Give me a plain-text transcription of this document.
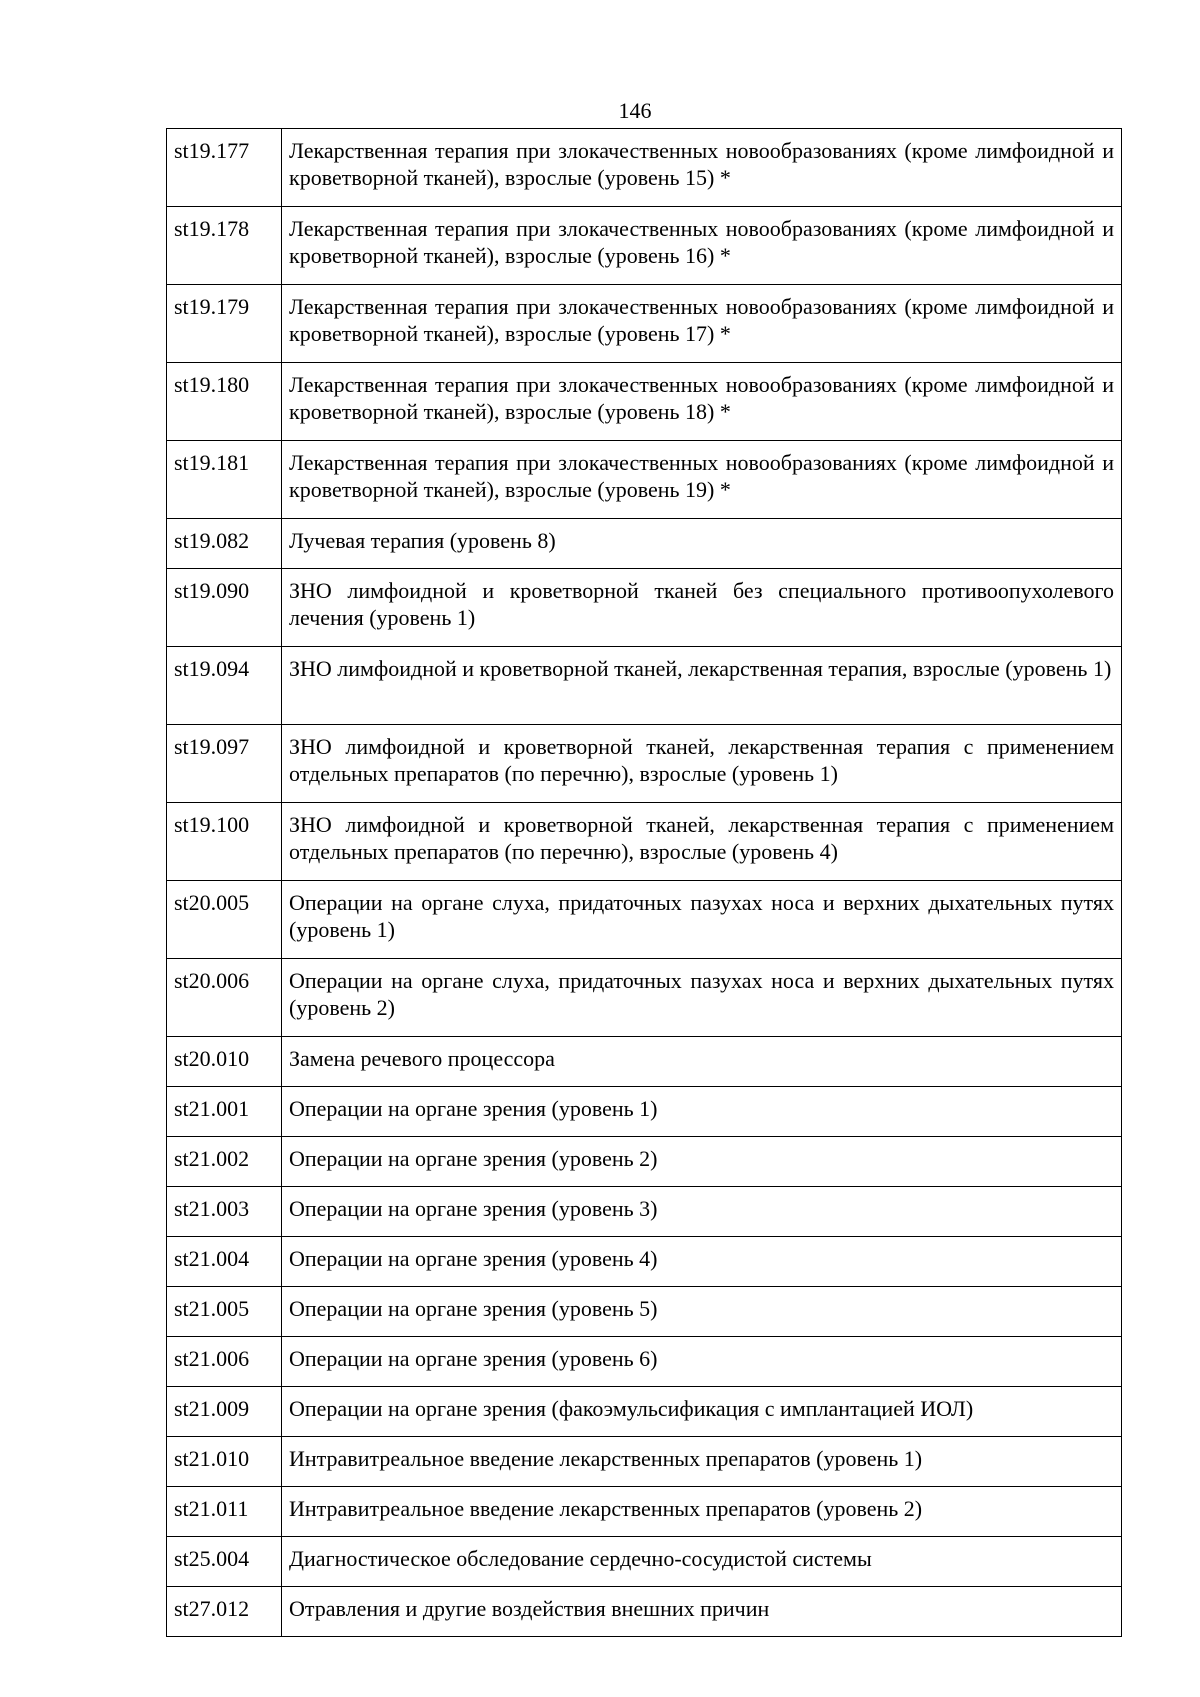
146
st19.177	Лекарственная терапия при злокачественных новообразованиях (кроме лимфоидной и кроветворной тканей), взрослые (уровень 15) *
st19.178	Лекарственная терапия при злокачественных новообразованиях (кроме лимфоидной и кроветворной тканей), взрослые (уровень 16) *
st19.179	Лекарственная терапия при злокачественных новообразованиях (кроме лимфоидной и кроветворной тканей), взрослые (уровень 17) *
st19.180	Лекарственная терапия при злокачественных новообразованиях (кроме лимфоидной и кроветворной тканей), взрослые (уровень 18) *
st19.181	Лекарственная терапия при злокачественных новообразованиях (кроме лимфоидной и кроветворной тканей), взрослые (уровень 19) *
st19.082	Лучевая терапия (уровень 8)
st19.090	ЗНО лимфоидной и кроветворной тканей без специального противоопухолевого лечения (уровень 1)
st19.094	ЗНО лимфоидной и кроветворной тканей, лекарственная терапия, взрослые (уровень 1)
st19.097	ЗНО лимфоидной и кроветворной тканей, лекарственная терапия с применением отдельных препаратов (по перечню), взрослые (уровень 1)
st19.100	ЗНО лимфоидной и кроветворной тканей, лекарственная терапия с применением отдельных препаратов (по перечню), взрослые (уровень 4)
st20.005	Операции на органе слуха, придаточных пазухах носа и верхних дыхательных путях (уровень 1)
st20.006	Операции на органе слуха, придаточных пазухах носа и верхних дыхательных путях (уровень 2)
st20.010	Замена речевого процессора
st21.001	Операции на органе зрения (уровень 1)
st21.002	Операции на органе зрения (уровень 2)
st21.003	Операции на органе зрения (уровень 3)
st21.004	Операции на органе зрения (уровень 4)
st21.005	Операции на органе зрения (уровень 5)
st21.006	Операции на органе зрения (уровень 6)
st21.009	Операции на органе зрения (факоэмульсификация с имплантацией ИОЛ)
st21.010	Интравитреальное введение лекарственных препаратов (уровень 1)
st21.011	Интравитреальное введение лекарственных препаратов (уровень 2)
st25.004	Диагностическое обследование сердечно-сосудистой системы
st27.012	Отравления и другие воздействия внешних причин
